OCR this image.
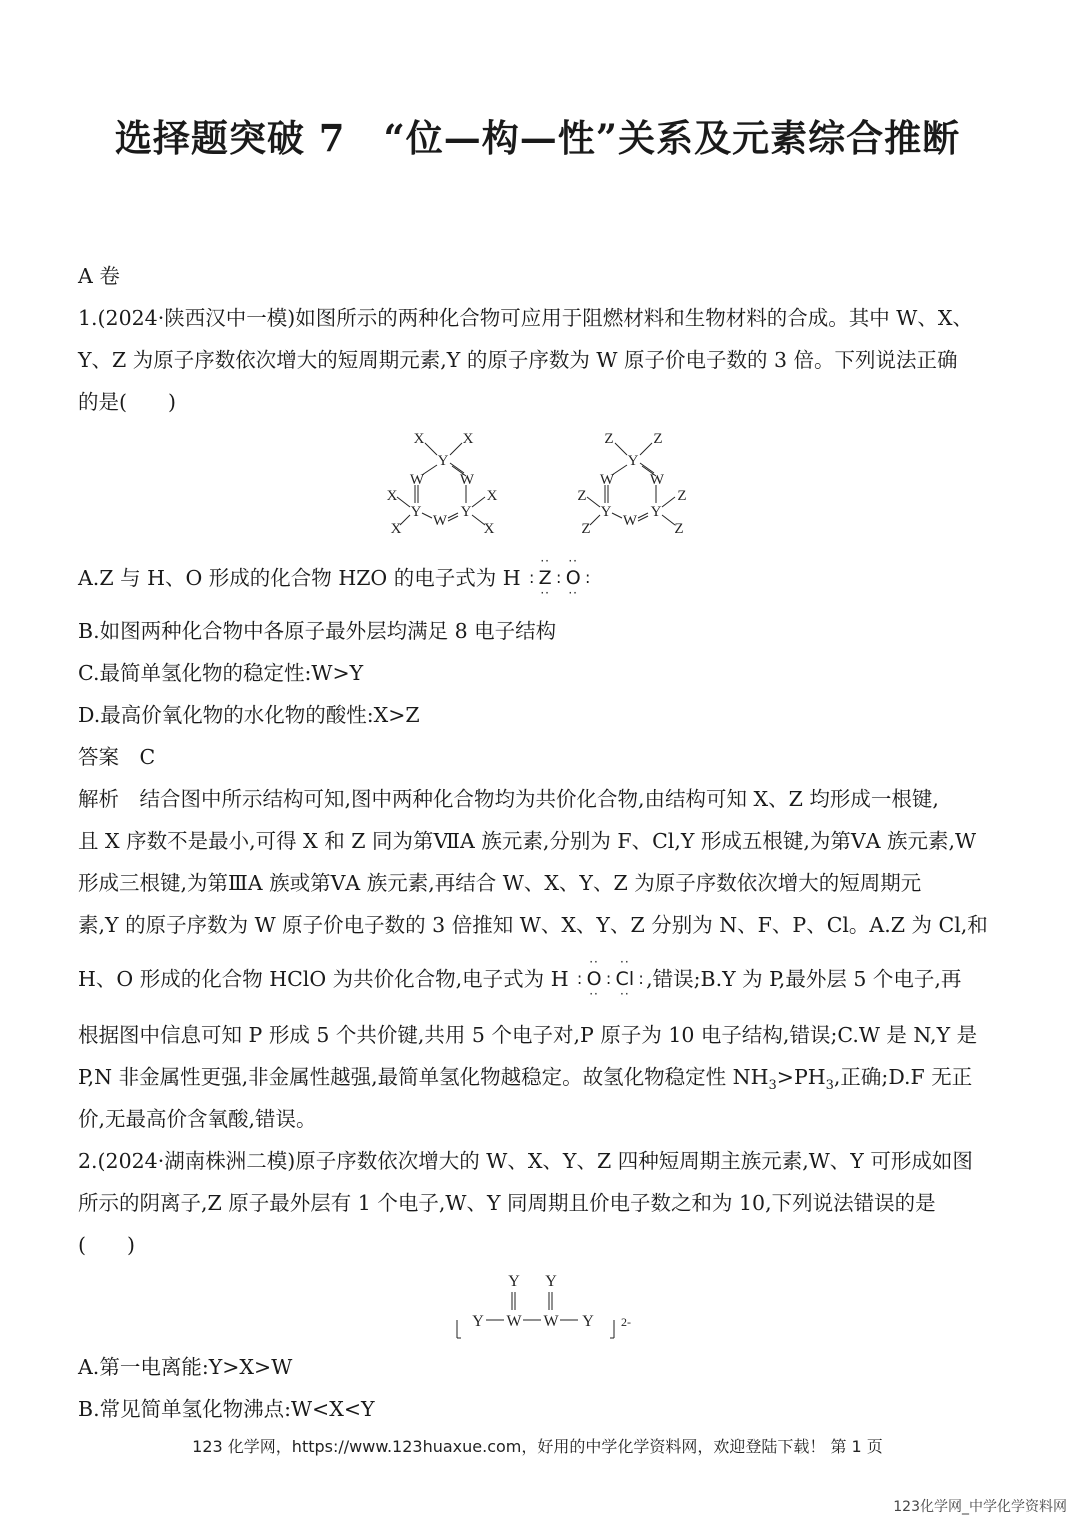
选择题突破 7　“位—构—性”关系及元素综合推断
A 卷
1.(2024·陕西汉中一模)如图所示的两种化合物可应用于阻燃材料和生物材料的合成。其中 W、X、
Y、Z 为原子序数依次增大的短周期元素,Y 的原子序数为 W 原子价电子数的 3 倍。下列说法正确
的是(　　)
X	X
Y
W W
X	X
Y	Y
W
X	X
Z	Z
Y
W W
Z	Z
Y	Y
W
Z	Z
A.Z 与 H、O 形成的化合物 HZO 的电子式为 H :
··
Z
··
:
··
O
··
:
B.如图两种化合物中各原子最外层均满足 8 电子结构
C.最简单氢化物的稳定性:W>Y
D.最高价氧化物的水化物的酸性:X>Z
答案　C
解析　结合图中所示结构可知,图中两种化合物均为共价化合物,由结构可知 X、Z 均形成一根键,
且 X 序数不是最小,可得 X 和 Z 同为第ⅦA 族元素,分别为 F、Cl,Y 形成五根键,为第ⅤA 族元素,W
形成三根键,为第ⅢA 族或第ⅤA 族元素,再结合 W、X、Y、Z 为原子序数依次增大的短周期元
素,Y 的原子序数为 W 原子价电子数的 3 倍推知 W、X、Y、Z 分别为 N、F、P、Cl。A.Z 为 Cl,和
H、O 形成的化合物 HClO 为共价化合物,电子式为 H :
··
O
··
:
··
Cl
··
: ,错误;B.Y 为 P,最外层 5 个电子,再
根据图中信息可知 P 形成 5 个共价键,共用 5 个电子对,P 原子为 10 电子结构,错误;C.W 是 N,Y 是
P,N 非金属性更强,非金属性越强,最简单氢化物越稳定。故氢化物稳定性 $NH_3>PH_3$,正确;D.F 无正
价,无最高价含氧酸,错误。
2.(2024·湖南株洲二模)原子序数依次增大的 W、X、Y、Z 四种短周期主族元素,W、Y 可形成如图
所示的阴离子,Z 原子最外层有 1 个电子,W、Y 同周期且价电子数之和为 10,下列说法错误的是
(　　)
Y Y
Y W W Y 2-
A.第一电离能:Y>X>W
B.常见简单氢化物沸点:W<X<Y
123 化学网，https://www.123huaxue.com，好用的中学化学资料网，欢迎登陆下载！ 第 1 页
123化学网_中学化学资料网
